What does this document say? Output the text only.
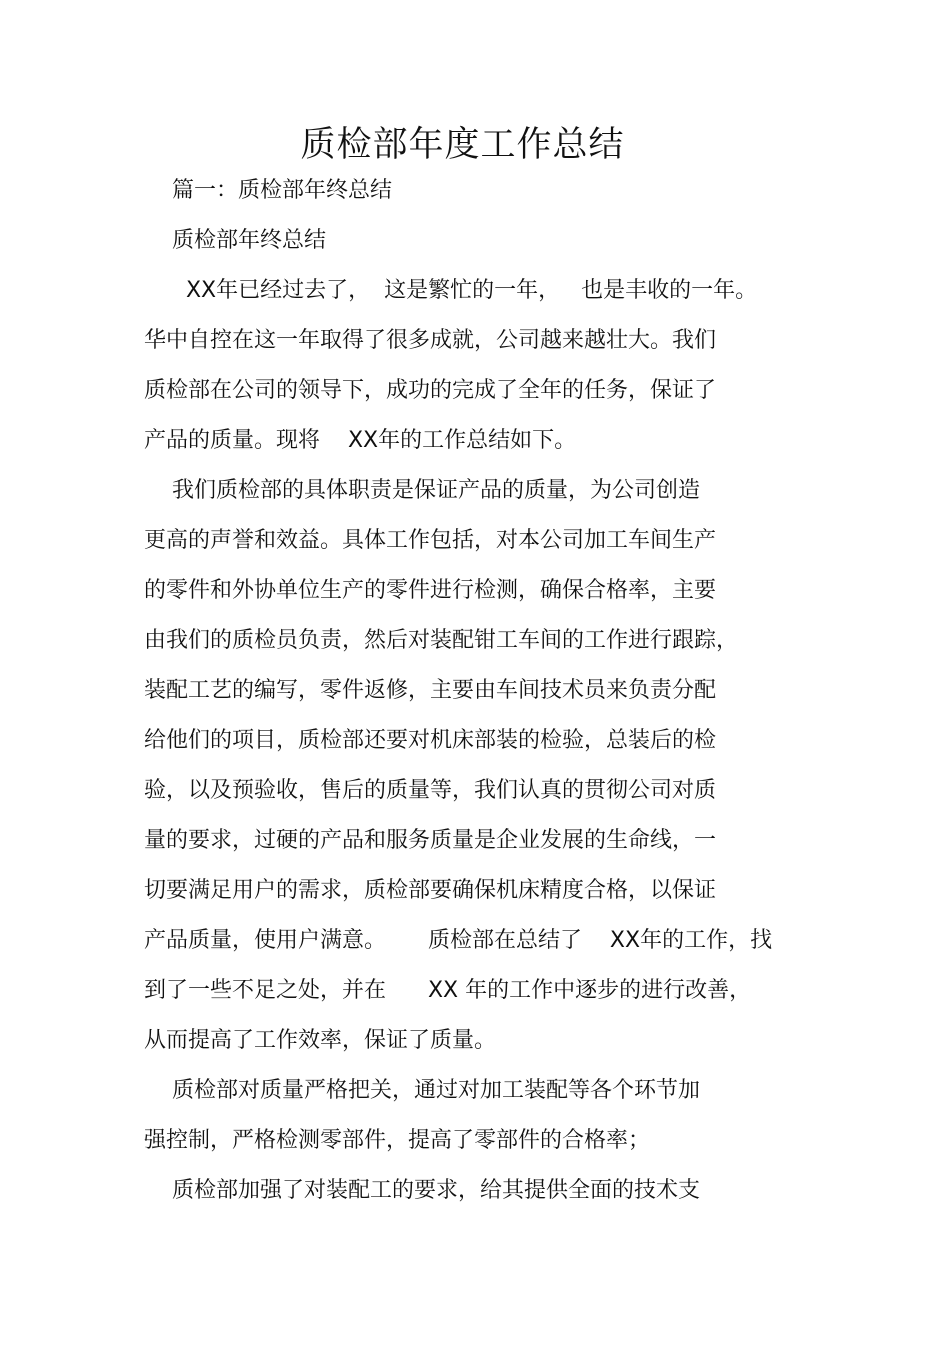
质检部年度工作总结
篇一：质检部年终总结
质检部年终总结
XX年已经过去了，  这是繁忙的一年，   也是丰收的一年。
华中自控在这一年取得了很多成就，公司越来越壮大。我们
质检部在公司的领导下，成功的完成了全年的任务，保证了
产品的质量。现将    XX年的工作总结如下。
我们质检部的具体职责是保证产品的质量，为公司创造
更高的声誉和效益。具体工作包括，对本公司加工车间生产
的零件和外协单位生产的零件进行检测，确保合格率，主要
由我们的质检员负责，然后对装配钳工车间的工作进行跟踪，
装配工艺的编写，零件返修，主要由车间技术员来负责分配
给他们的项目，质检部还要对机床部装的检验，总装后的检
验，以及预验收，售后的质量等，我们认真的贯彻公司对质
量的要求，过硬的产品和服务质量是企业发展的生命线，一
切要满足用户的需求，质检部要确保机床精度合格，以保证
产品质量，使用户满意。      质检部在总结了    XX年的工作，找
到了一些不足之处，并在      XX 年的工作中逐步的进行改善，
从而提高了工作效率，保证了质量。
质检部对质量严格把关，通过对加工装配等各个环节加
强控制，严格检测零部件，提高了零部件的合格率；
质检部加强了对装配工的要求，给其提供全面的技术支
